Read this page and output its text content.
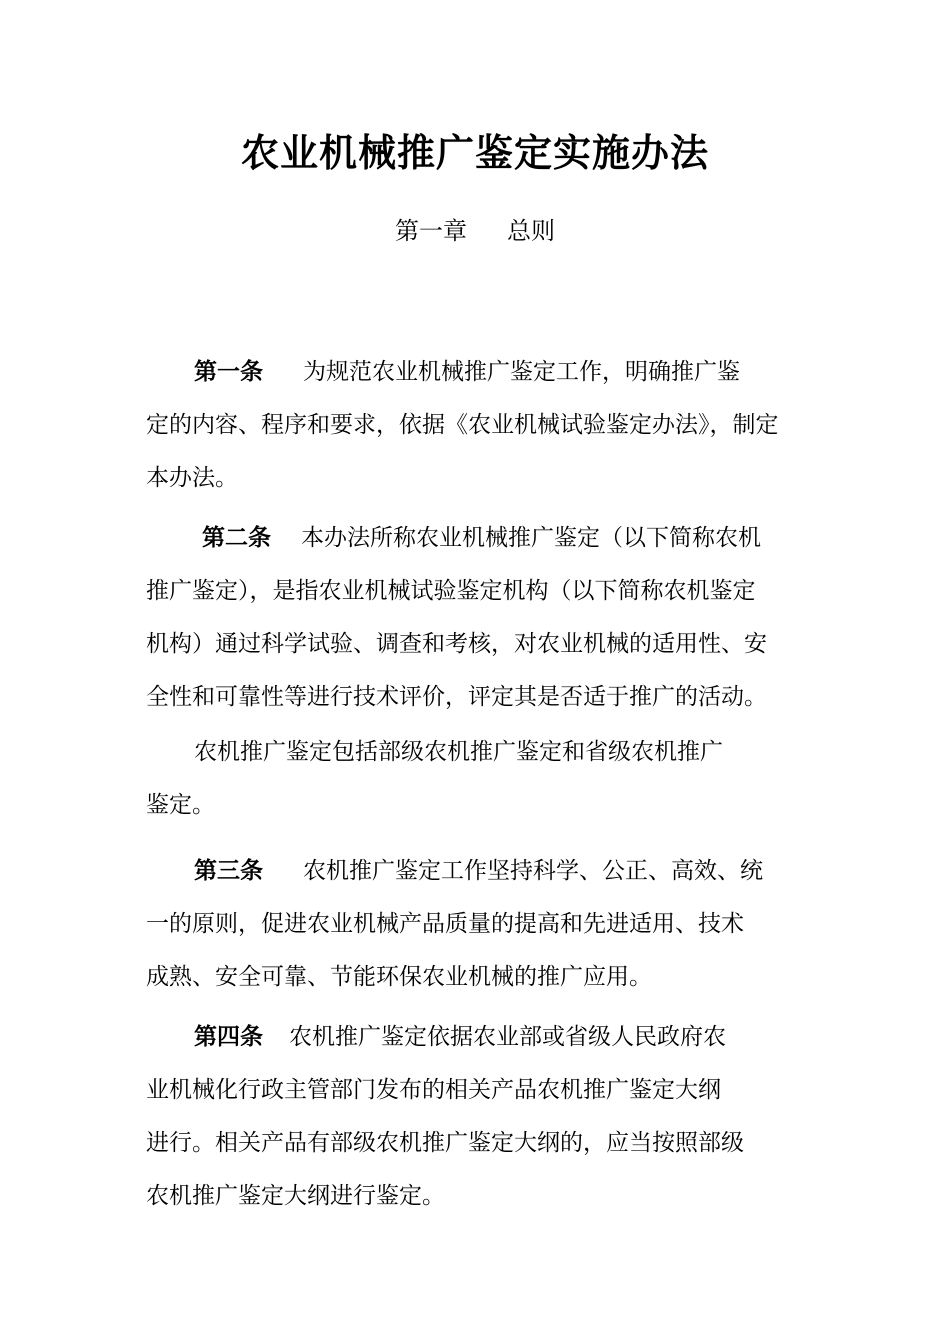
农业机械推广鉴定实施办法
第一章 总则
第一条 为规范农业机械推广鉴定工作，明确推广鉴
定的内容、程序和要求，依据《农业机械试验鉴定办法》，制定
本办法。
第二条 本办法所称农业机械推广鉴定（以下简称农机
推广鉴定），是指农业机械试验鉴定机构（以下简称农机鉴定
机构）通过科学试验、调查和考核，对农业机械的适用性、安
全性和可靠性等进行技术评价，评定其是否适于推广的活动。
农机推广鉴定包括部级农机推广鉴定和省级农机推广
鉴定。
第三条 农机推广鉴定工作坚持科学、公正、高效、统
一的原则，促进农业机械产品质量的提高和先进适用、技术
成熟、安全可靠、节能环保农业机械的推广应用。
第四条 农机推广鉴定依据农业部或省级人民政府农
业机械化行政主管部门发布的相关产品农机推广鉴定大纲
进行。相关产品有部级农机推广鉴定大纲的，应当按照部级
农机推广鉴定大纲进行鉴定。
